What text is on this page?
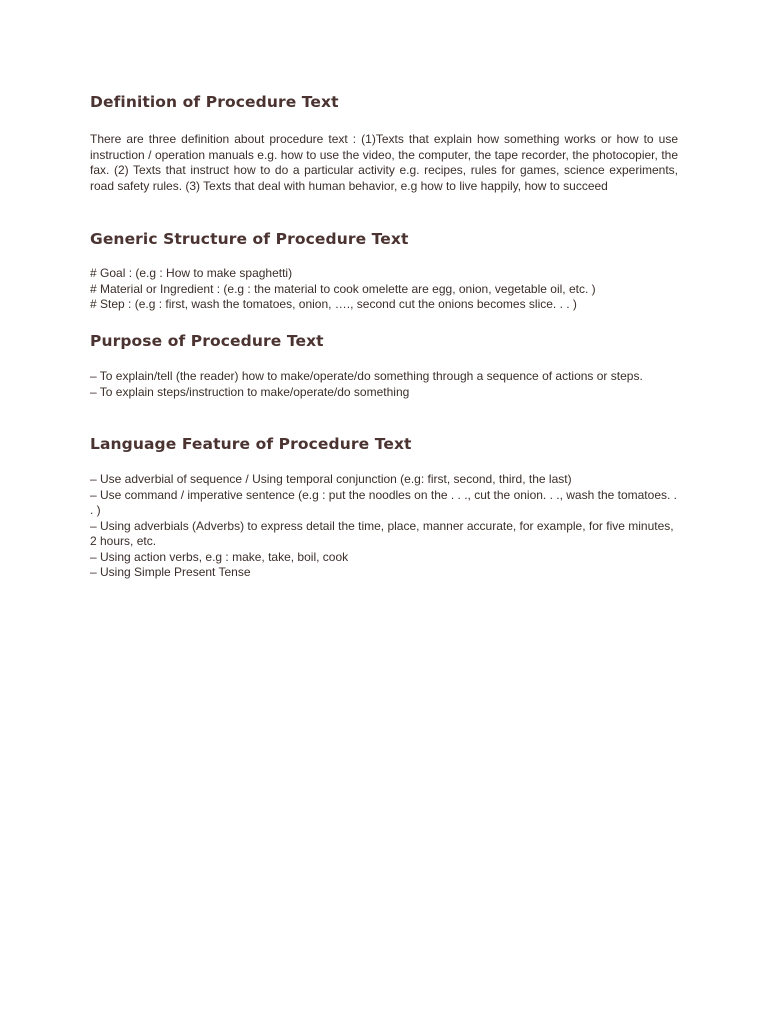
Definition of Procedure Text

There are three definition about procedure text : (1)Texts that explain how something works or how to use instruction / operation manuals e.g. how to use the video, the computer, the tape recorder, the photocopier, the fax. (2) Texts that instruct how to do a particular activity e.g. recipes, rules for games, science experiments, road safety rules. (3) Texts that deal with human behavior, e.g how to live happily, how to succeed

Generic Structure of Procedure Text
# Goal : (e.g : How to make spaghetti)
# Material or Ingredient : (e.g : the material to cook omelette are egg, onion, vegetable oil, etc. )
# Step : (e.g : first, wash the tomatoes, onion, …., second cut the onions becomes slice. . . )
Purpose of Procedure Text
– To explain/tell (the reader) how to make/operate/do something through a sequence of actions or steps.
– To explain steps/instruction to make/operate/do something
Language Feature of Procedure Text
– Use adverbial of sequence / Using temporal conjunction (e.g: first, second, third, the last)
– Use command / imperative sentence (e.g : put the noodles on the . . ., cut the onion. . ., wash the tomatoes. . . )
– Using adverbials (Adverbs) to express detail the time, place, manner accurate, for example, for five minutes, 2 hours, etc.
– Using action verbs, e.g : make, take, boil, cook
– Using Simple Present Tense
